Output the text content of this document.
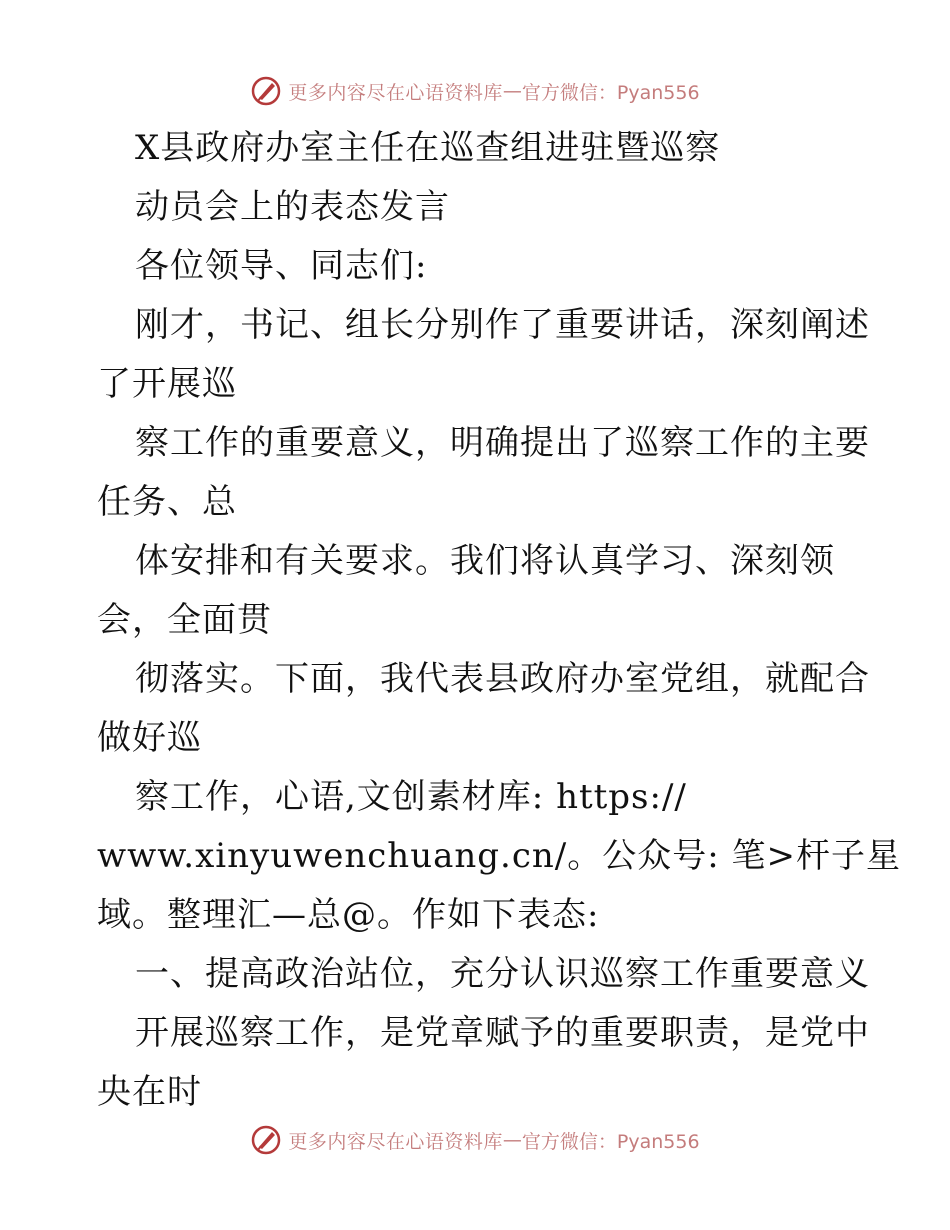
更多内容尽在心语资料库 — 官方微信：Pyan556
X县政府办室主任在巡查组进驻暨巡察
动员会上的表态发言
各位领导、同志们:
刚才，书记、组长分别作了重要讲话，深刻阐述
了开展巡
察工作的重要意义，明确提出了巡察工作的主要
任务、总
体安排和有关要求。我们将认真学习、深刻领
会，全面贯
彻落实。下面，我代表县政府办室党组，就配合
做好巡
察工作，心语,文创素材库: https://
www.xinyuwenchuang.cn/。公众号: 笔>杆子星
域。整理汇—总@。作如下表态:
一、提高政治站位，充分认识巡察工作重要意义
开展巡察工作，是党章赋予的重要职责，是党中
央在时
更多内容尽在心语资料库 — 官方微信：Pyan556
